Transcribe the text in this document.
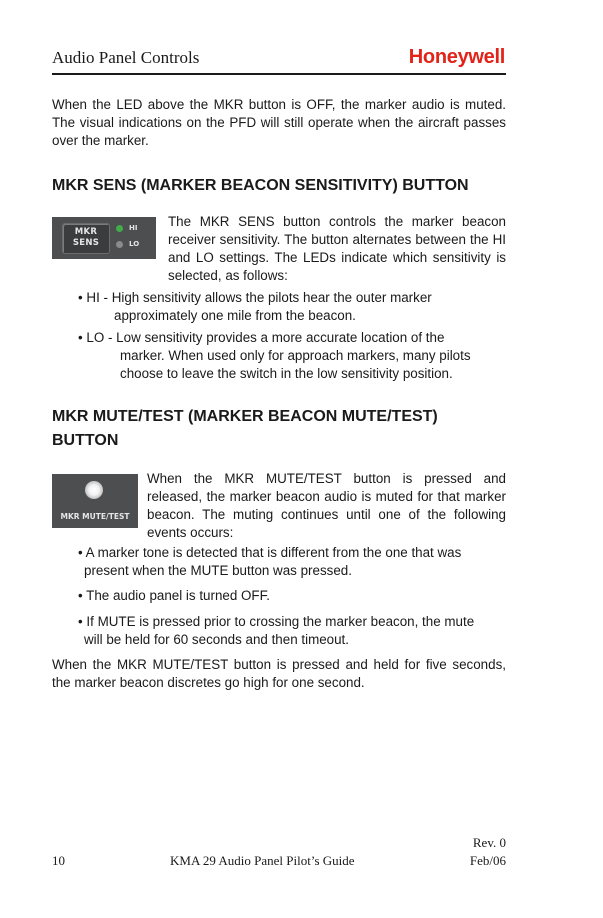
Audio Panel Controls	Honeywell

When the LED above the MKR button is OFF, the marker audio is muted. The visual indications on the PFD will still operate when the aircraft passes over the marker.

MKR SENS (MARKER BEACON SENSITIVITY) BUTTON
MKR
SENS
HI
LO

The MKR SENS button controls the marker beacon receiver sensitivity. The button alternates between the HI and LO settings. The LEDs indicate which sensitivity is selected, as follows:

• HI - High sensitivity allows the pilots hear the outer marker
approximately one mile from the beacon.
• LO - Low sensitivity provides a more accurate location of the
marker. When used only for approach markers, many pilots
choose to leave the switch in the low sensitivity position.
MKR MUTE/TEST (MARKER BEACON MUTE/TEST)
BUTTON
MKR MUTE/TEST

When the MKR MUTE/TEST button is pressed and released, the marker beacon audio is muted for that marker beacon. The muting continues until one of the following events occurs:

• A marker tone is detected that is different from the one that was
present when the MUTE button was pressed.
• The audio panel is turned OFF.
• If MUTE is pressed prior to crossing the marker beacon, the mute
will be held for 60 seconds and then timeout.

When the MKR MUTE/TEST button is pressed and held for five seconds, the marker beacon discretes go high for one second.

Rev. 0
10	KMA 29 Audio Panel Pilot’s Guide	Feb/06
